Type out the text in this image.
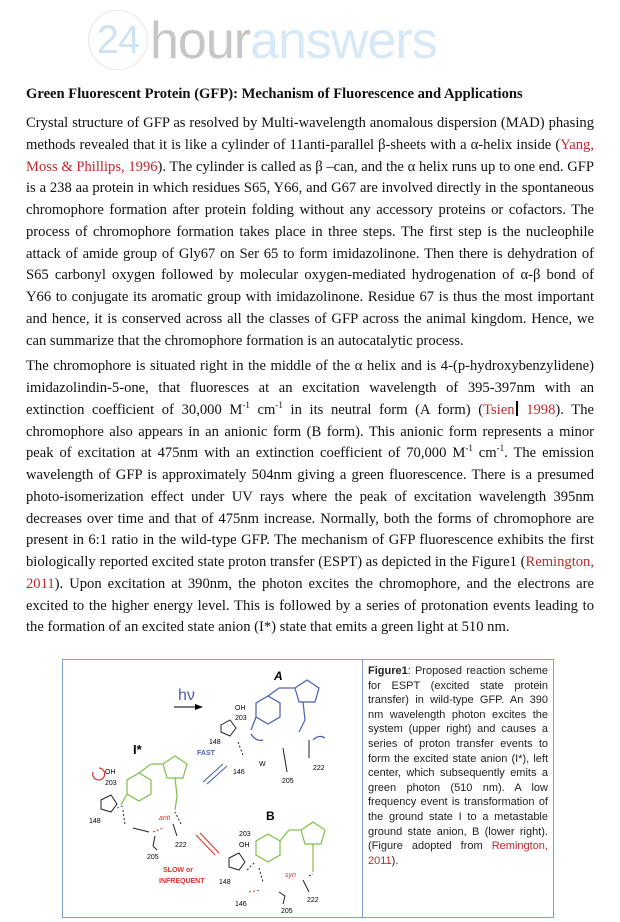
24 houranswers
Green Fluorescent Protein (GFP): Mechanism of Fluorescence and Applications

Crystal structure of GFP as resolved by Multi-wavelength anomalous dispersion (MAD) phasing methods revealed that it is like a cylinder of 11anti-parallel β-sheets with a α-helix inside (Yang, Moss & Phillips, 1996). The cylinder is called as β –can, and the α helix runs up to one end. GFP is a 238 aa protein in which residues S65, Y66, and G67 are involved directly in the spontaneous chromophore formation after protein folding without any accessory proteins or cofactors. The process of chromophore formation takes place in three steps. The first step is the nucleophile attack of amide group of Gly67 on Ser 65 to form imidazolinone. Then there is dehydration of S65 carbonyl oxygen followed by molecular oxygen-mediated hydrogenation of α-β bond of Y66 to conjugate its aromatic group with imidazolinone. Residue 67 is thus the most important and hence, it is conserved across all the classes of GFP across the animal kingdom. Hence, we can summarize that the chromophore formation is an autocatalytic process.

The chromophore is situated right in the middle of the α helix and is 4-(p-hydroxybenzylidene) imidazolindin-5-one, that fluoresces at an excitation wavelength of 395-397nm with an extinction coefficient of 30,000 $M^{-1}$ $cm^{-1}$ in its neutral form (A form) (Tsien 1998). The chromophore also appears in an anionic form (B form). This anionic form represents a minor peak of excitation at 475nm with an extinction coefficient of 70,000 $M^{-1}$ $cm^{-1}$. The emission wavelength of GFP is approximately 504nm giving a green fluorescence. There is a presumed photo-isomerization effect under UV rays where the peak of excitation wavelength 395nm decreases over time and that of 475nm increase. Normally, both the forms of chromophore are present in 6:1 ratio in the wild-type GFP. The mechanism of GFP fluorescence exhibits the first biologically reported excited state proton transfer (ESPT) as depicted in the Figure1 (Remington, 2011). Upon excitation at 390nm, the photon excites the chromophore, and the electrons are excited to the higher energy level. This is followed by a series of protonation events leading to the formation of an excited state anion (I*) state that emits a green light at 510 nm.

hν
OH
203
A
148
146
W
222
205
I*	FAST
OH
203
148	anti
222
205
SLOW or
INFREQUENT
B
203
OH
syn
148
146
222
205
Figure1: Proposed reaction scheme for ESPT (excited state protein transfer) in wild-type GFP. An 390 nm wavelength photon excites the system (upper right) and causes a series of proton transfer events to form the excited state anion (I*), left center, which subsequently emits a green photon (510 nm). A low frequency event is transformation of the ground state I to a metastable ground state anion, B (lower right). (Figure adopted from Remington, 2011).
